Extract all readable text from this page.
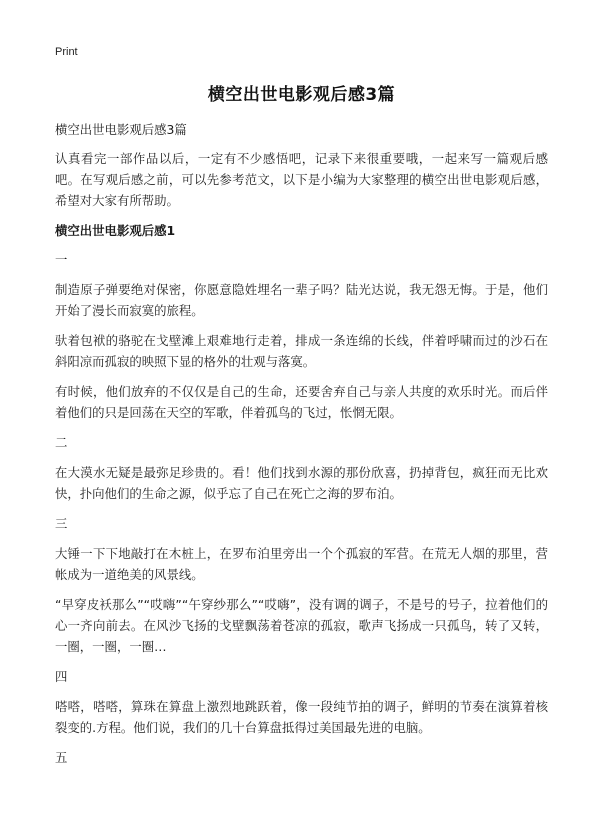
Print
横空出世电影观后感3篇
横空出世电影观后感3篇

认真看完一部作品以后，一定有不少感悟吧，记录下来很重要哦，一起来写一篇观后感吧。在写观后感之前，可以先参考范文，以下是小编为大家整理的横空出世电影观后感，希望对大家有所帮助。

横空出世电影观后感1
一

制造原子弹要绝对保密，你愿意隐姓埋名一辈子吗？陆光达说，我无怨无悔。于是，他们开始了漫长而寂寞的旅程。

驮着包袱的骆驼在戈壁滩上艰难地行走着，排成一条连绵的长线，伴着呼啸而过的沙石在斜阳凉而孤寂的映照下显的格外的壮观与落寞。

有时候，他们放弃的不仅仅是自己的生命，还要舍弃自己与亲人共度的欢乐时光。而后伴着他们的只是回荡在天空的军歌，伴着孤鸟的飞过，怅惘无限。

二

在大漠水无疑是最弥足珍贵的。看！他们找到水源的那份欣喜，扔掉背包，疯狂而无比欢快，扑向他们的生命之源，似乎忘了自己在死亡之海的罗布泊。

三

大锤一下下地敲打在木桩上，在罗布泊里旁出一个个孤寂的军营。在荒无人烟的那里，营帐成为一道绝美的风景线。

“早穿皮袄那么”“哎嗨”“午穿纱那么”“哎嗨”，没有调的调子，不是号的号子，拉着他们的心一齐向前去。在风沙飞扬的戈壁飘荡着苍凉的孤寂，歌声飞扬成一只孤鸟，转了又转，一圈，一圈，一圈…

四

嗒嗒，嗒嗒，算珠在算盘上激烈地跳跃着，像一段纯节拍的调子，鲜明的节奏在演算着核裂变的.方程。他们说，我们的几十台算盘抵得过美国最先进的电脑。

五
